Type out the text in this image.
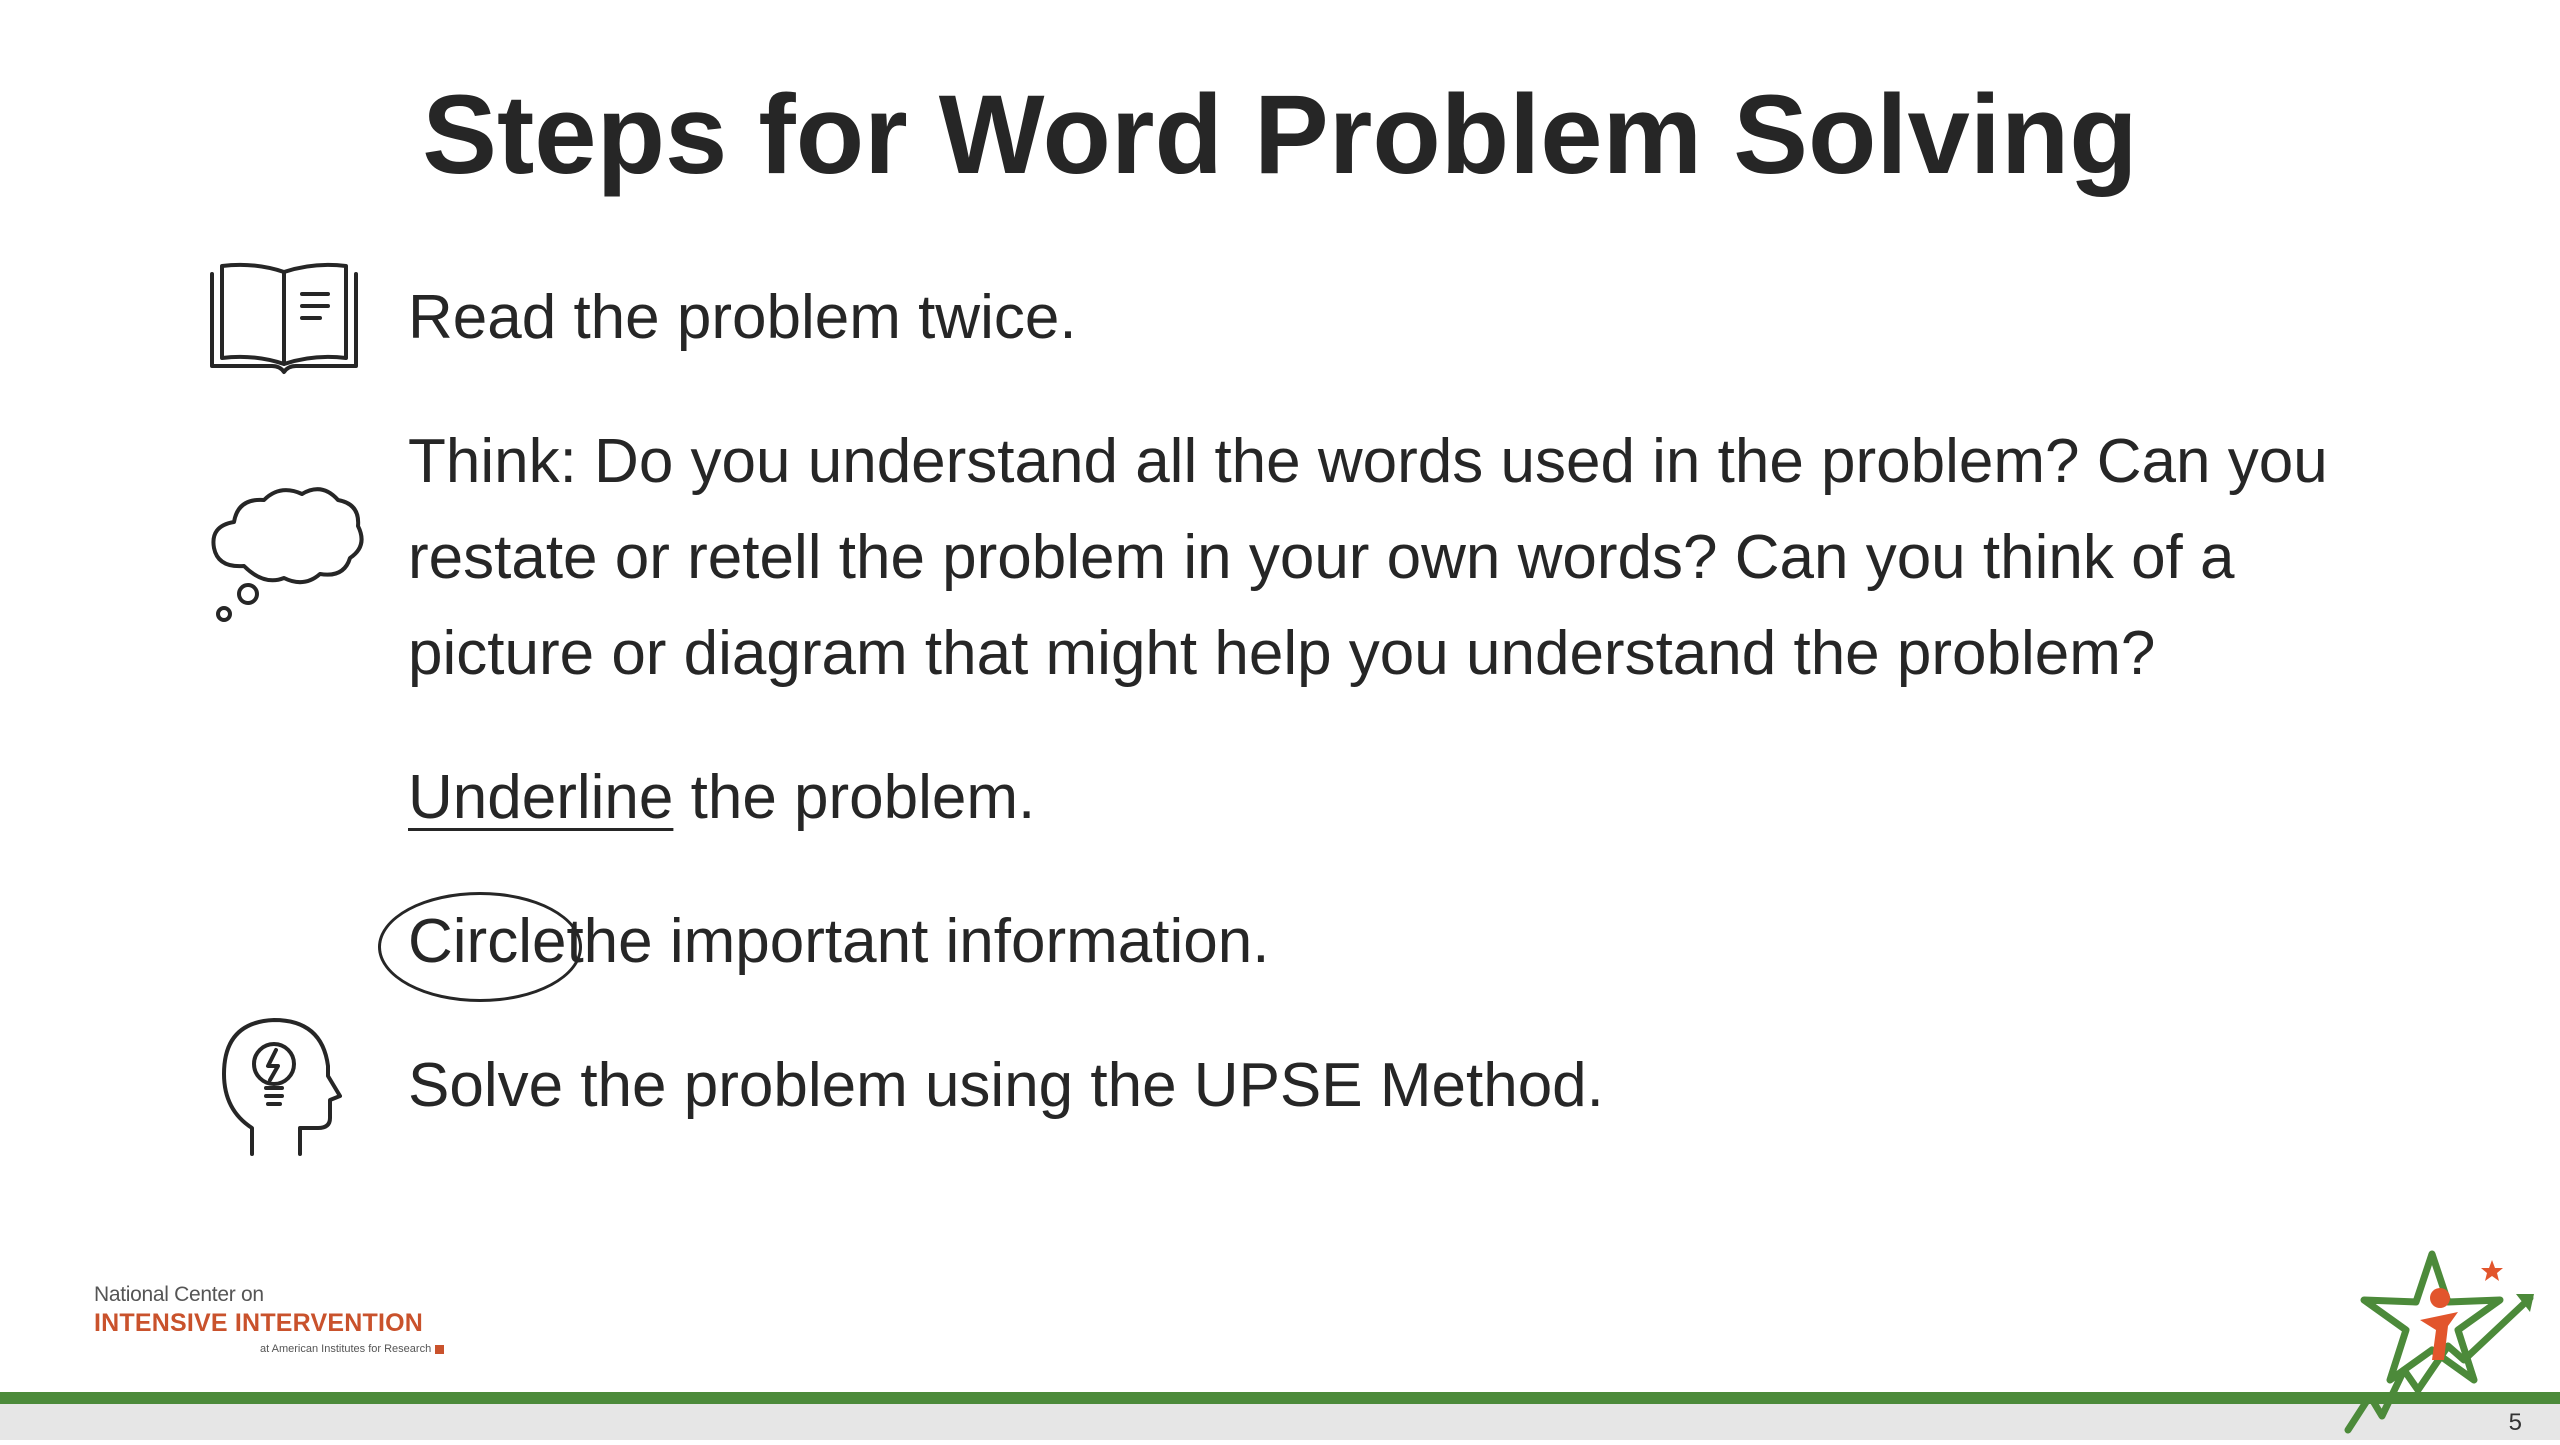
Steps for Word Problem Solving
Read the problem twice.
Think: Do you understand all the words used in the problem? Can you restate or retell the problem in your own words? Can you think of a picture or diagram that might help you understand the problem?
Underline the problem.
Circlethe important information.
Solve the problem using the UPSE Method.
National Center on
INTENSIVE INTERVENTION
at American Institutes for Research
5
